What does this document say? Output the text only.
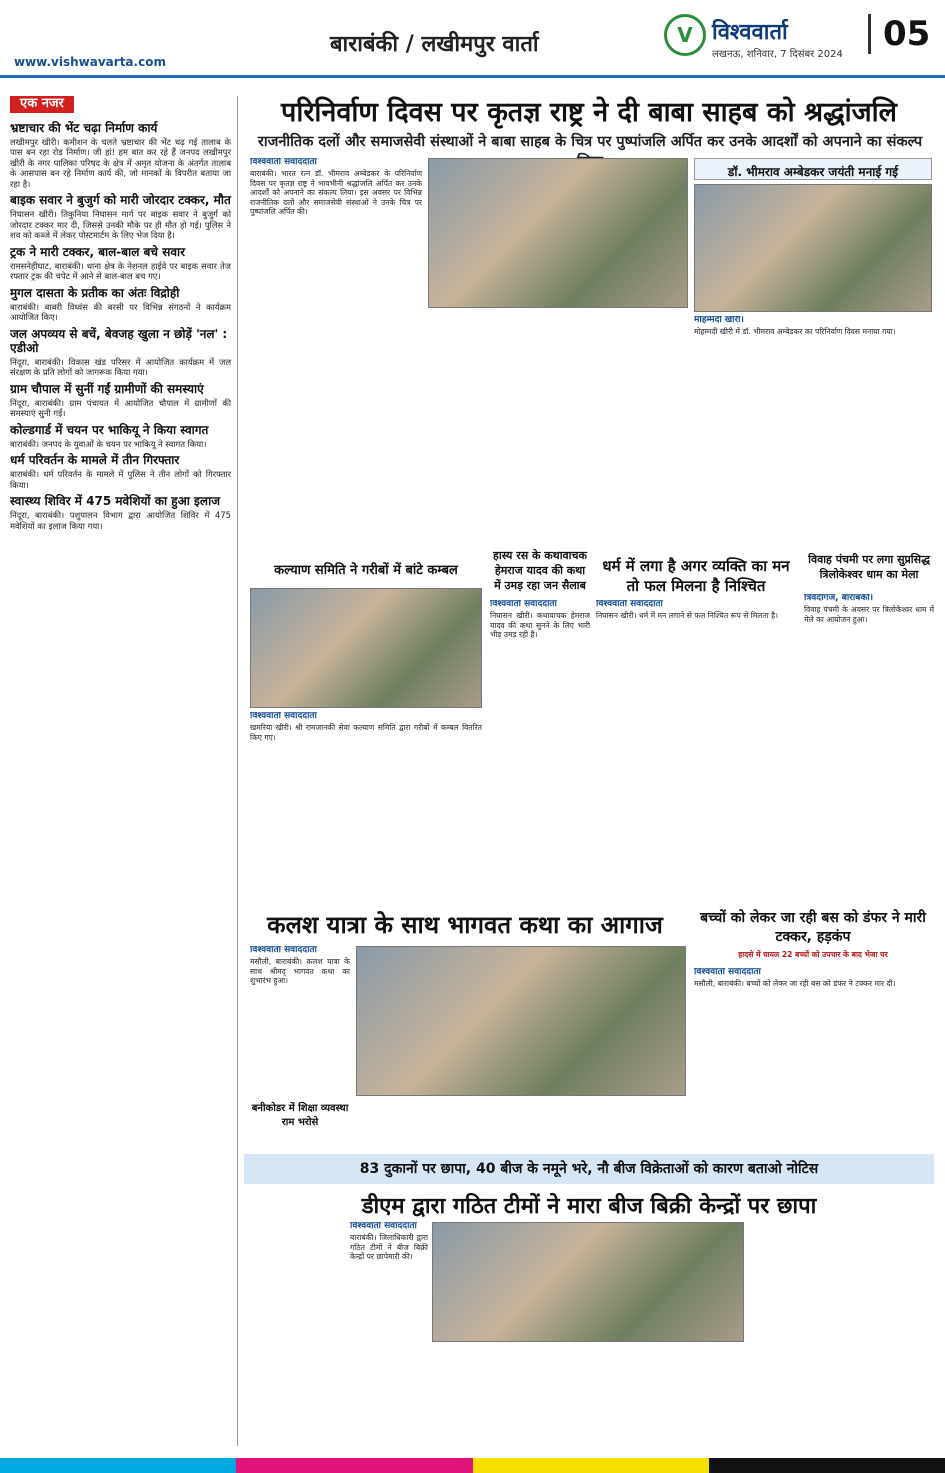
बाराबंकी / लखीमपुर वार्ता
www.vishwavarta.com
V विश्ववार्ता
लखनऊ, शनिवार, 7 दिसंबर 2024
05
एक नजर
भ्रष्टाचार की भेंट चढ़ा निर्माण कार्य
लखीमपुर खीरी। कमीशन के चलते भ्रष्टाचार की भेंट चढ़ गई तालाब के पास बन रहा रोड निर्माण। जी हां! हम बात कर रहे हैं जनपद लखीमपुर खीरी के नगर पालिका परिषद के क्षेत्र में अमृत योजना के अंतर्गत तालाब के आसपास बन रहे निर्माण कार्य की, जो मानकों के विपरीत बताया जा रहा है।
बाइक सवार ने बुजुर्ग को मारी जोरदार टक्कर, मौत
निघासन खीरी। तिकुनिया निघासन मार्ग पर बाइक सवार ने बुजुर्ग को जोरदार टक्कर मार दी, जिससे उनकी मौके पर ही मौत हो गई। पुलिस ने शव को कब्जे में लेकर पोस्टमार्टम के लिए भेज दिया है।
ट्रक ने मारी टक्कर, बाल-बाल बचे सवार
रामसनेहीघाट, बाराबंकी। थाना क्षेत्र के नेशनल हाईवे पर बाइक सवार तेज रफ्तार ट्रक की चपेट में आने से बाल-बाल बच गए।
मुगल दासता के प्रतीक का अंतः विद्रोही
बाराबंकी। बाबरी विध्वंस की बरसी पर विभिन्न संगठनों ने कार्यक्रम आयोजित किए।
जल अपव्यय से बचें, बेवजह खुला न छोड़ें 'नल' : एडीओ
निंदूरा, बाराबंकी। विकास खंड परिसर में आयोजित कार्यक्रम में जल संरक्षण के प्रति लोगों को जागरूक किया गया।
ग्राम चौपाल में सुनीं गईं ग्रामीणों की समस्याएं
निंदूरा, बाराबंकी। ग्राम पंचायत में आयोजित चौपाल में ग्रामीणों की समस्याएं सुनी गईं।
कोल्डगार्ड में चयन पर भाकियू ने किया स्वागत
बाराबंकी। जनपद के युवाओं के चयन पर भाकियू ने स्वागत किया।
धर्म परिवर्तन के मामले में तीन गिरफ्तार
बाराबंकी। धर्म परिवर्तन के मामले में पुलिस ने तीन लोगों को गिरफ्तार किया।
स्वास्थ्य शिविर में 475 मवेशियों का हुआ इलाज
निंदूरा, बाराबंकी। पशुपालन विभाग द्वारा आयोजित शिविर में 475 मवेशियों का इलाज किया गया।
परिनिर्वाण दिवस पर कृतज्ञ राष्ट्र ने दी बाबा साहब को श्रद्धांजलि
राजनीतिक दलों और समाजसेवी संस्थाओं ने बाबा साहब के चित्र पर पुष्पांजलि अर्पित कर उनके आदर्शों को अपनाने का संकल्प
विश्ववार्ता संवाददाता
बाराबंकी। भारत रत्न डॉ. भीमराव अम्बेडकर के परिनिर्वाण दिवस पर कृतज्ञ राष्ट्र ने भावभीनी श्रद्धांजलि अर्पित कर उनके आदर्शों को अपनाने का संकल्प लिया। इस अवसर पर विभिन्न राजनीतिक दलों और समाजसेवी संस्थाओं ने उनके चित्र पर पुष्पांजलि अर्पित की।
डॉ. भीमराव अम्बेडकर जयंती मनाई गई
मोहम्मदी खीरी।
मोहम्मदी खीरी में डॉ. भीमराव अम्बेडकर का परिनिर्वाण दिवस मनाया गया।
कल्याण समिति ने गरीबों में बांटे कम्बल
विश्ववार्ता संवाददाता
खमरिया खीरी। श्री रामजानकी सेवा कल्याण समिति द्वारा गरीबों में कम्बल वितरित किए गए।
हास्य रस के कथावाचक हेमराज यादव की कथा में उमड़ रहा जन सैलाब
विश्ववार्ता संवाददाता
निघासन खीरी। कथावाचक हेमराज यादव की कथा सुनने के लिए भारी भीड़ उमड़ रही है।
धर्म में लगा है अगर व्यक्ति का मन तो फल मिलना है निश्चित
विश्ववार्ता संवाददाता
निघासन खीरी। धर्म में मन लगाने से फल निश्चित रूप से मिलता है।
विवाह पंचमी पर लगा सुप्रसिद्ध त्रिलोकेश्वर धाम का मेला
त्रिवेदीगंज, बाराबंकी।
विवाह पंचमी के अवसर पर त्रिलोकेश्वर धाम में मेले का आयोजन हुआ।
कलश यात्रा के साथ भागवत कथा का आगाज
विश्ववार्ता संवाददाता
मसौली, बाराबंकी। कलश यात्रा के साथ श्रीमद् भागवत कथा का शुभारंभ हुआ।
बच्चों को लेकर जा रही बस को डंफर ने मारी टक्कर, हड़कंप
हादसे में घायल 22 बच्चों को उपचार के बाद भेजा घर
विश्ववार्ता संवाददाता
मसौली, बाराबंकी। बच्चों को लेकर जा रही बस को डंफर ने टक्कर मार दी।
बनीकोडर में शिक्षा व्यवस्था राम भरोसे
83 दुकानों पर छापा, 40 बीज के नमूने भरे, नौ बीज विक्रेताओं को कारण बताओ नोटिस
डीएम द्वारा गठित टीमों ने मारा बीज बिक्री केन्द्रों पर छापा
विश्ववार्ता संवाददाता
बाराबंकी। जिलाधिकारी द्वारा गठित टीमों ने बीज बिक्री केन्द्रों पर छापेमारी की।
